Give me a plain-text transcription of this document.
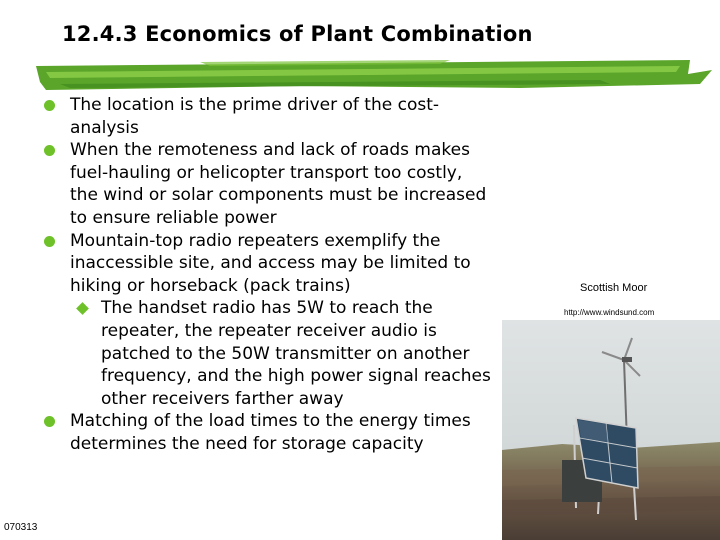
12.4.3 Economics of Plant Combination

The location is the prime driver of the cost-analysis

When the remoteness and lack of roads makes fuel-hauling or helicopter transport too costly, the wind or solar components must be increased to ensure reliable power

Mountain-top radio repeaters exemplify the inaccessible site, and access may be limited to hiking or horseback (pack trains)

The handset radio has 5W to reach the repeater, the repeater receiver audio is patched to the 50W transmitter on another frequency, and the high power signal reaches other receivers farther away

Matching of the load times to the energy times determines the need for storage capacity

Scottish Moor
http://www.windsund.com
070313
